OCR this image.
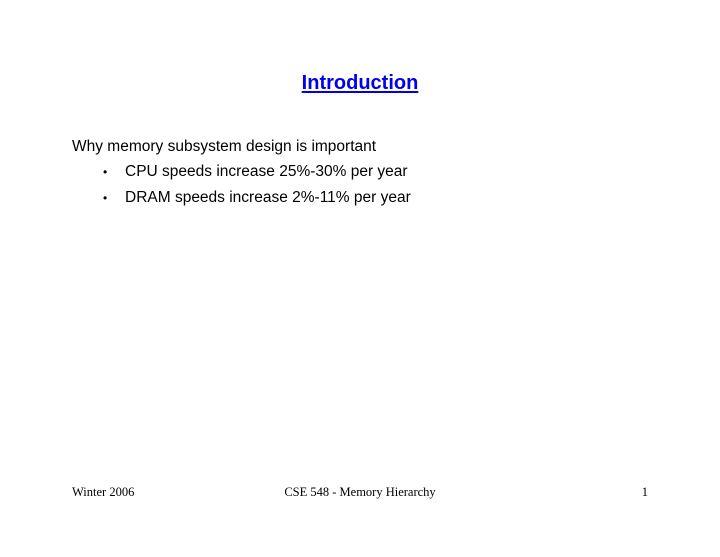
Introduction
Why memory subsystem design is important
• CPU speeds increase 25%-30% per year
• DRAM speeds increase 2%-11% per year
Winter 2006	CSE 548 - Memory Hierarchy	1
